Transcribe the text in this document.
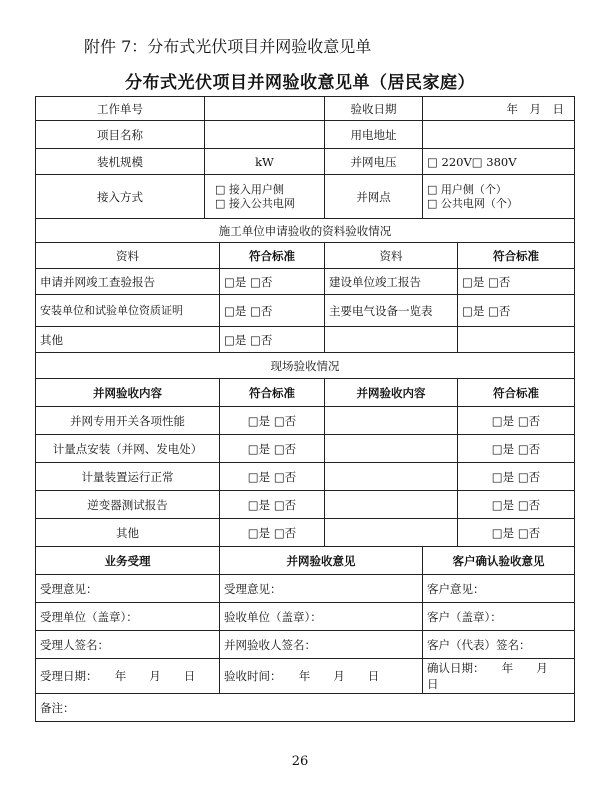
附件 7：分布式光伏项目并网验收意见单
分布式光伏项目并网验收意见单（居民家庭）
工作单号			验收日期	年　月　日	
项目名称			用电地址		
装机规模	kW		并网电压	□ 220V□ 380V	
接入方式	□ 接入用户侧
□ 接入公共电网		并网点	□ 用户侧（个）
□ 公共电网（个）	
施工单位申请验收的资料验收情况					
资料		符合标准	资料		符合标准
申请并网竣工查验报告		□是 □否	建设单位竣工报告		□是 □否
安装单位和试验单位资质证明		□是 □否	主要电气设备一览表		□是 □否
其他		□是 □否			
现场验收情况					
并网验收内容		符合标准	并网验收内容		符合标准
并网专用开关各项性能		□是 □否			□是 □否
计量点安装（并网、发电处）		□是 □否			□是 □否
计量装置运行正常		□是 □否			□是 □否
逆变器测试报告		□是 □否			□是 □否
其他		□是 □否			□是 □否
业务受理		并网验收意见		客户确认验收意见	
受理意见：		受理意见：		客户意见：	
受理单位（盖章）：		验收单位（盖章）：		客户（盖章）：	
受理人签名：		并网验收人签名：		客户（代表）签名：	
受理日期：　　年　　月　　日		验收时间：　　年　　月　　日		确认日期：　　年　　月　　日	
备注：					
26
